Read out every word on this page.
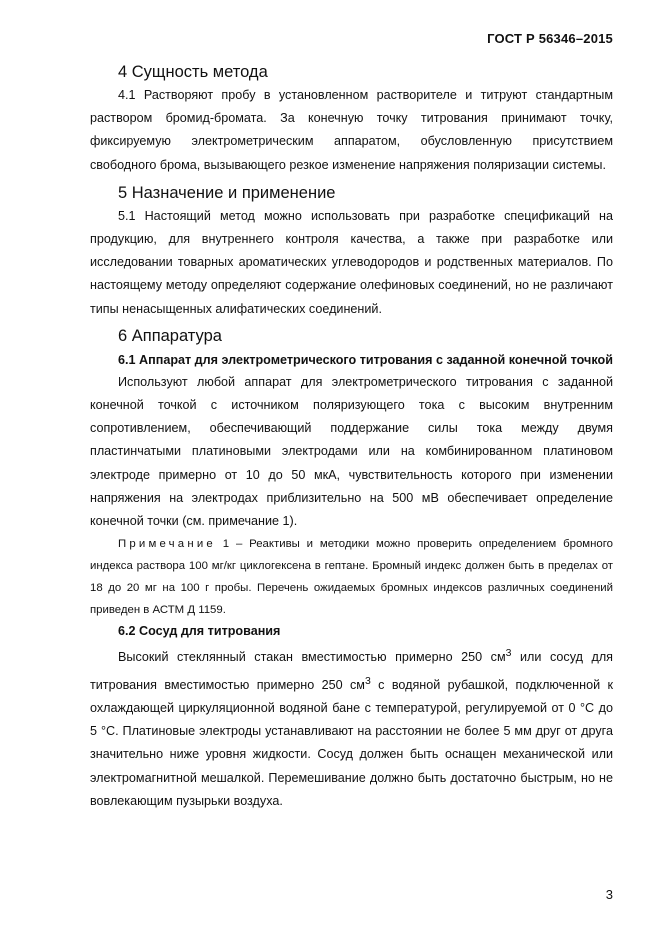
ГОСТ Р 56346–2015
4 Сущность метода

4.1 Растворяют пробу в установленном растворителе и титруют стандартным раствором бромид-бромата. За конечную точку титрования принимают точку, фиксируемую электрометрическим аппаратом, обусловленную присутствием свободного брома, вызывающего резкое изменение напряжения поляризации системы.

5 Назначение и применение

5.1 Настоящий метод можно использовать при разработке спецификаций на продукцию, для внутреннего контроля качества, а также при разработке или исследовании товарных ароматических углеводородов и родственных материалов. По настоящему методу определяют содержание олефиновых соединений, но не различают типы ненасыщенных алифатических соединений.

6 Аппаратура

6.1 Аппарат для электрометрического титрования с заданной конечной точкой

Используют любой аппарат для электрометрического титрования с заданной конечной точкой с источником поляризующего тока с высоким внутренним сопротивлением, обеспечивающий поддержание силы тока между двумя пластинчатыми платиновыми электродами или на комбинированном платиновом электроде примерно от 10 до 50 мкА, чувствительность которого при изменении напряжения на электродах приблизительно на 500 мВ обеспечивает определение конечной точки (см. примечание 1).

Примечание 1 – Реактивы и методики можно проверить определением бромного индекса раствора 100 мг/кг циклогексена в гептане. Бромный индекс должен быть в пределах от 18 до 20 мг на 100 г пробы. Перечень ожидаемых бромных индексов различных соединений приведен в АСТМ Д 1159.

6.2 Сосуд для титрования

Высокий стеклянный стакан вместимостью примерно 250 $см^3$ или сосуд для титрования вместимостью примерно 250 $см^3$ с водяной рубашкой, подключенной к охлаждающей циркуляционной водяной бане с температурой, регулируемой от 0 °С до 5 °С. Платиновые электроды устанавливают на расстоянии не более 5 мм друг от друга значительно ниже уровня жидкости. Сосуд должен быть оснащен механической или электромагнитной мешалкой. Перемешивание должно быть достаточно быстрым, но не вовлекающим пузырьки воздуха.

3
